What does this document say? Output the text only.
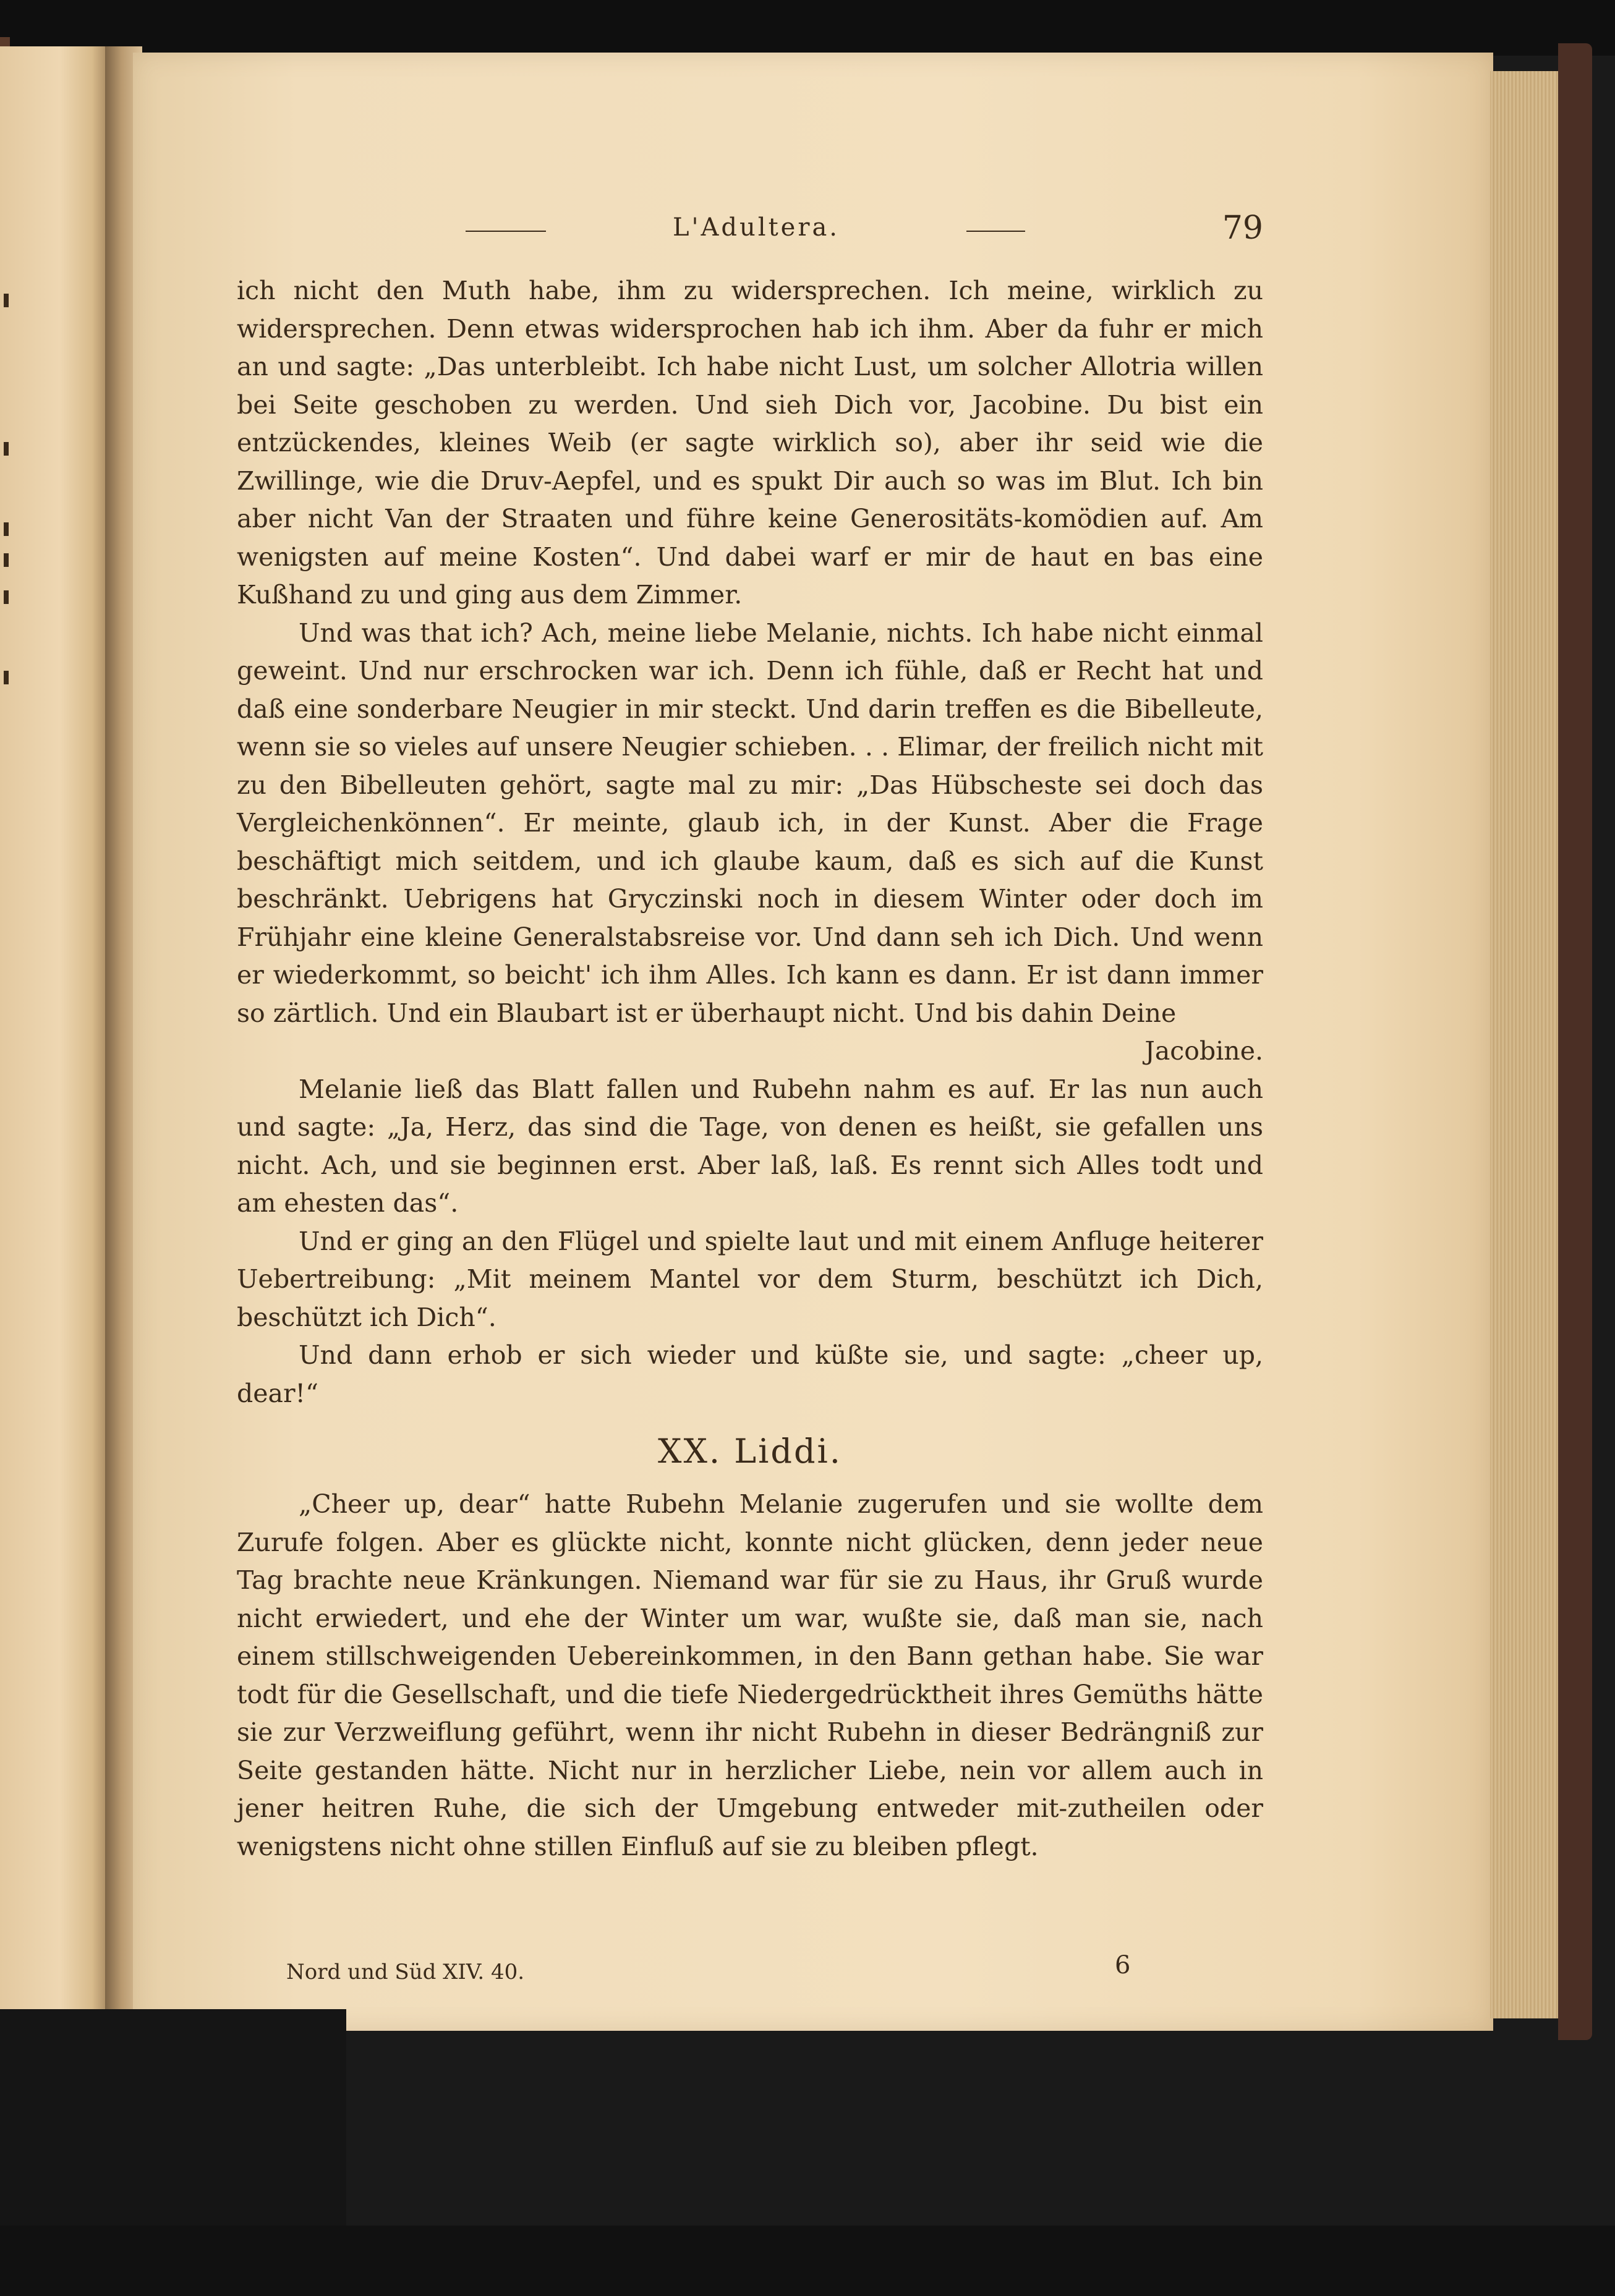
L'Adultera.	79

ich nicht den Muth habe, ihm zu widersprechen. Ich meine, wirklich zu widersprechen. Denn etwas widersprochen hab ich ihm. Aber da fuhr er mich an und sagte: „Das unterbleibt. Ich habe nicht Lust, um solcher Allotria willen bei Seite geschoben zu werden. Und sieh Dich vor, Jacobine. Du bist ein entzückendes, kleines Weib (er sagte wirklich so), aber ihr seid wie die Zwillinge, wie die Druv-Aepfel, und es spukt Dir auch so was im Blut. Ich bin aber nicht Van der Straaten und führe keine Generositäts-komödien auf. Am wenigsten auf meine Kosten“. Und dabei warf er mir de haut en bas eine Kußhand zu und ging aus dem Zimmer.

Und was that ich? Ach, meine liebe Melanie, nichts. Ich habe nicht einmal geweint. Und nur erschrocken war ich. Denn ich fühle, daß er Recht hat und daß eine sonderbare Neugier in mir steckt. Und darin treffen es die Bibelleute, wenn sie so vieles auf unsere Neugier schieben. . . Elimar, der freilich nicht mit zu den Bibelleuten gehört, sagte mal zu mir: „Das Hübscheste sei doch das Vergleichenkönnen“. Er meinte, glaub ich, in der Kunst. Aber die Frage beschäftigt mich seitdem, und ich glaube kaum, daß es sich auf die Kunst beschränkt. Uebrigens hat Gryczinski noch in diesem Winter oder doch im Frühjahr eine kleine Generalstabsreise vor. Und dann seh ich Dich. Und wenn er wiederkommt, so beicht' ich ihm Alles. Ich kann es dann. Er ist dann immer so zärtlich. Und ein Blaubart ist er überhaupt nicht. Und bis dahin Deine

Jacobine.

Melanie ließ das Blatt fallen und Rubehn nahm es auf. Er las nun auch und sagte: „Ja, Herz, das sind die Tage, von denen es heißt, sie gefallen uns nicht. Ach, und sie beginnen erst. Aber laß, laß. Es rennt sich Alles todt und am ehesten das“.

Und er ging an den Flügel und spielte laut und mit einem Anfluge heiterer Uebertreibung: „Mit meinem Mantel vor dem Sturm, beschützt ich Dich, beschützt ich Dich“.

Und dann erhob er sich wieder und küßte sie, und sagte: „cheer up, dear!“

XX. Liddi.

„Cheer up, dear“ hatte Rubehn Melanie zugerufen und sie wollte dem Zurufe folgen. Aber es glückte nicht, konnte nicht glücken, denn jeder neue Tag brachte neue Kränkungen. Niemand war für sie zu Haus, ihr Gruß wurde nicht erwiedert, und ehe der Winter um war, wußte sie, daß man sie, nach einem stillschweigenden Uebereinkommen, in den Bann gethan habe. Sie war todt für die Gesellschaft, und die tiefe Niedergedrücktheit ihres Gemüths hätte sie zur Verzweiflung geführt, wenn ihr nicht Rubehn in dieser Bedrängniß zur Seite gestanden hätte. Nicht nur in herzlicher Liebe, nein vor allem auch in jener heitren Ruhe, die sich der Umgebung entweder mit-zutheilen oder wenigstens nicht ohne stillen Einfluß auf sie zu bleiben pflegt.

Nord und Süd XIV. 40.	6
